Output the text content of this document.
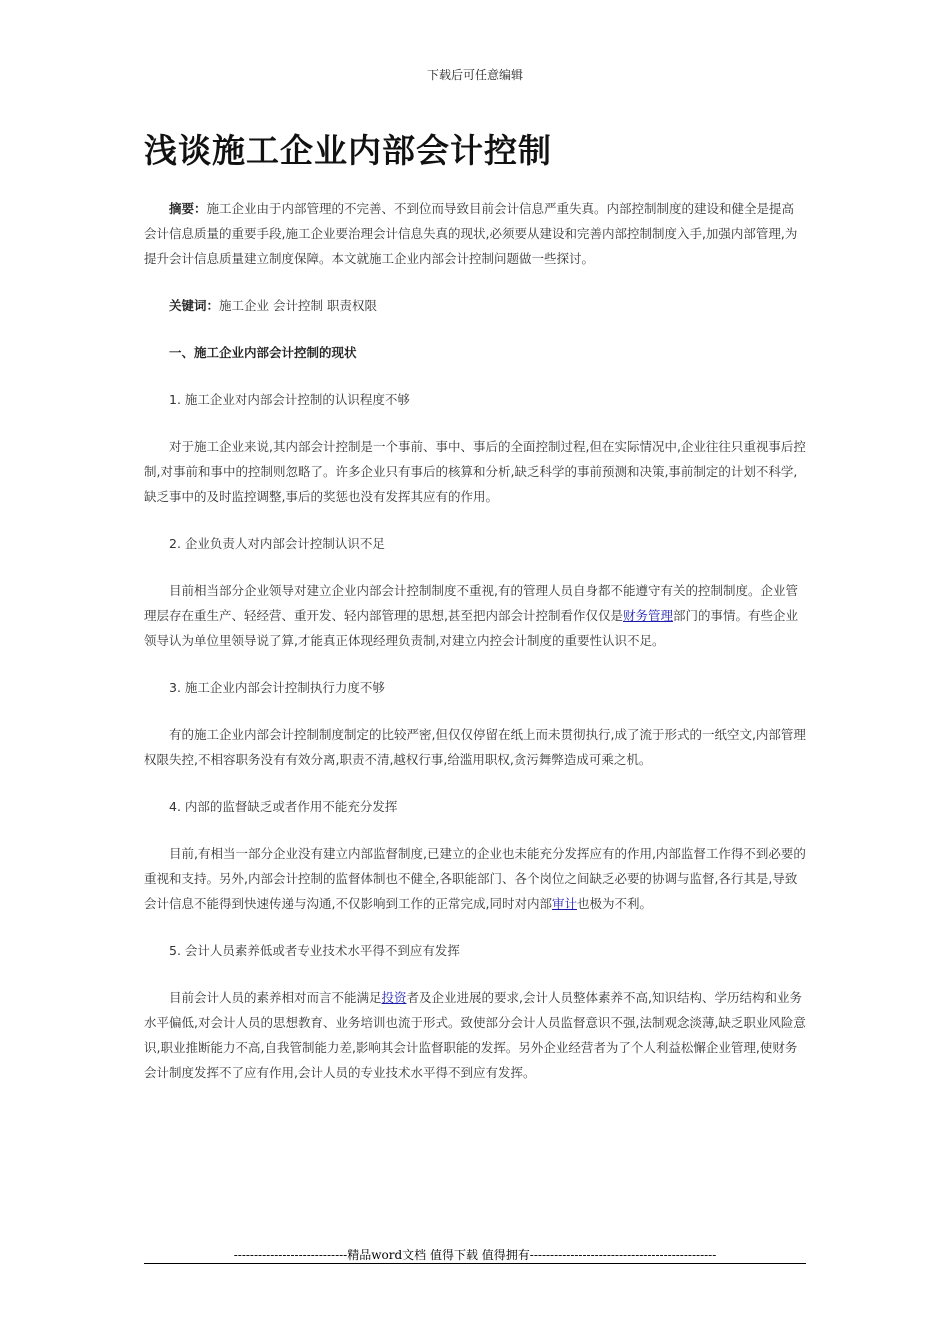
下载后可任意编辑
浅谈施工企业内部会计控制

摘要：施工企业由于内部管理的不完善、不到位而导致目前会计信息严重失真。内部控制制度的建设和健全是提高会计信息质量的重要手段,施工企业要治理会计信息失真的现状,必须要从建设和完善内部控制制度入手,加强内部管理,为提升会计信息质量建立制度保障。本文就施工企业内部会计控制问题做一些探讨。

关键词：施工企业 会计控制 职责权限

一、施工企业内部会计控制的现状

1. 施工企业对内部会计控制的认识程度不够

对于施工企业来说,其内部会计控制是一个事前、事中、事后的全面控制过程,但在实际情况中,企业往往只重视事后控制,对事前和事中的控制则忽略了。许多企业只有事后的核算和分析,缺乏科学的事前预测和决策,事前制定的计划不科学,缺乏事中的及时监控调整,事后的奖惩也没有发挥其应有的作用。

2. 企业负责人对内部会计控制认识不足

目前相当部分企业领导对建立企业内部会计控制制度不重视,有的管理人员自身都不能遵守有关的控制制度。企业管理层存在重生产、轻经营、重开发、轻内部管理的思想,甚至把内部会计控制看作仅仅是财务管理部门的事情。有些企业领导认为单位里领导说了算,才能真正体现经理负责制,对建立内控会计制度的重要性认识不足。

3. 施工企业内部会计控制执行力度不够

有的施工企业内部会计控制制度制定的比较严密,但仅仅停留在纸上而未贯彻执行,成了流于形式的一纸空文,内部管理权限失控,不相容职务没有有效分离,职责不清,越权行事,给滥用职权,贪污舞弊造成可乘之机。

4. 内部的监督缺乏或者作用不能充分发挥

目前,有相当一部分企业没有建立内部监督制度,已建立的企业也未能充分发挥应有的作用,内部监督工作得不到必要的重视和支持。另外,内部会计控制的监督体制也不健全,各职能部门、各个岗位之间缺乏必要的协调与监督,各行其是,导致会计信息不能得到快速传递与沟通,不仅影响到工作的正常完成,同时对内部审计也极为不利。

5. 会计人员素养低或者专业技术水平得不到应有发挥

目前会计人员的素养相对而言不能满足投资者及企业进展的要求,会计人员整体素养不高,知识结构、学历结构和业务水平偏低,对会计人员的思想教育、业务培训也流于形式。致使部分会计人员监督意识不强,法制观念淡薄,缺乏职业风险意识,职业推断能力不高,自我管制能力差,影响其会计监督职能的发挥。另外企业经营者为了个人利益松懈企业管理,使财务会计制度发挥不了应有作用,会计人员的专业技术水平得不到应有发挥。

----------------------------精品word文档 值得下载 值得拥有----------------------------------------------
